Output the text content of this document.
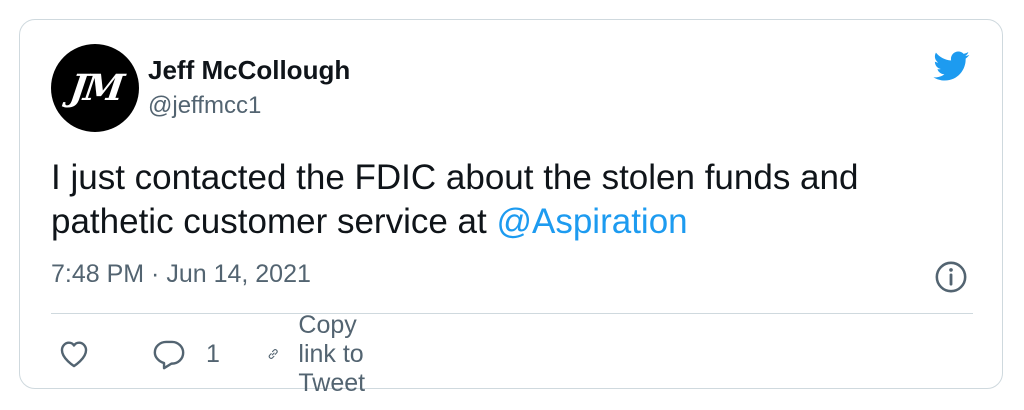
JM Jeff McCollough
@jeffmcc1
I just contacted the FDIC about the stolen funds and pathetic customer service at @Aspiration
7:48 PM · Jun 14, 2021
1
Copy link to Tweet
